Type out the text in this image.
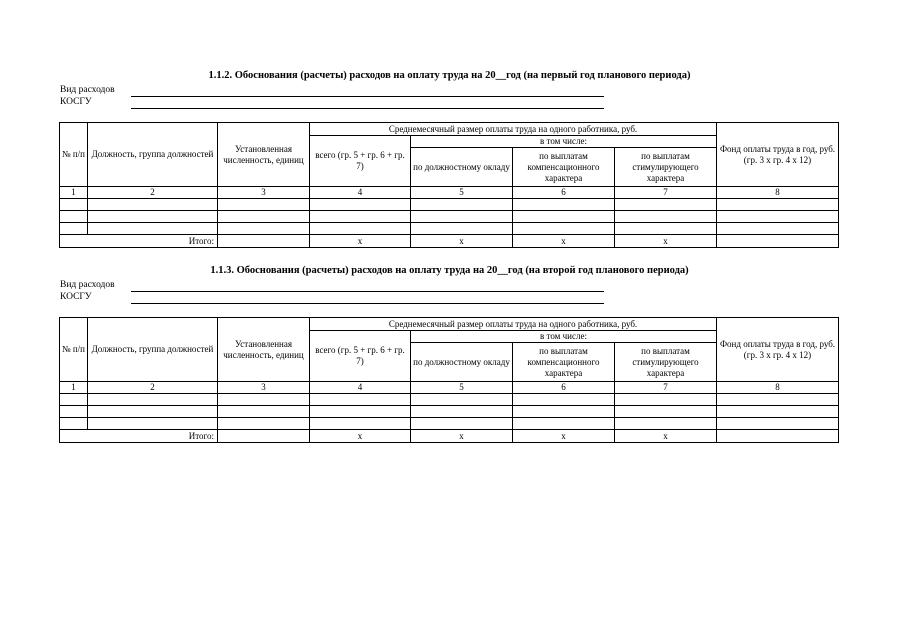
1.1.2. Обоснования (расчеты) расходов на оплату труда на 20__год (на первый год планового периода)
Вид расходов
КОСГУ
№ п/п	Должность, группа должностей	Установленная численность, единиц	Среднемесячный размер оплаты труда на одного работника, руб.				Фонд оплаты труда в год, руб. (гр. 3 х гр. 4 х 12)
			всего (гр. 5 + гр. 6 + гр. 7)	в том числе:			
				по должностному окладу	по выплатам компенсационного характера	по выплатам стимулирующего характера	
1	2	3	4	5	6	7	8

Итого:			x	x	x	x	
1.1.3. Обоснования (расчеты) расходов на оплату труда на 20__год (на второй год планового периода)
Вид расходов
КОСГУ
№ п/п	Должность, группа должностей	Установленная численность, единиц	Среднемесячный размер оплаты труда на одного работника, руб.				Фонд оплаты труда в год, руб. (гр. 3 х гр. 4 х 12)
			всего (гр. 5 + гр. 6 + гр. 7)	в том числе:			
				по должностному окладу	по выплатам компенсационного характера	по выплатам стимулирующего характера	
1	2	3	4	5	6	7	8

Итого:			x	x	x	x	
